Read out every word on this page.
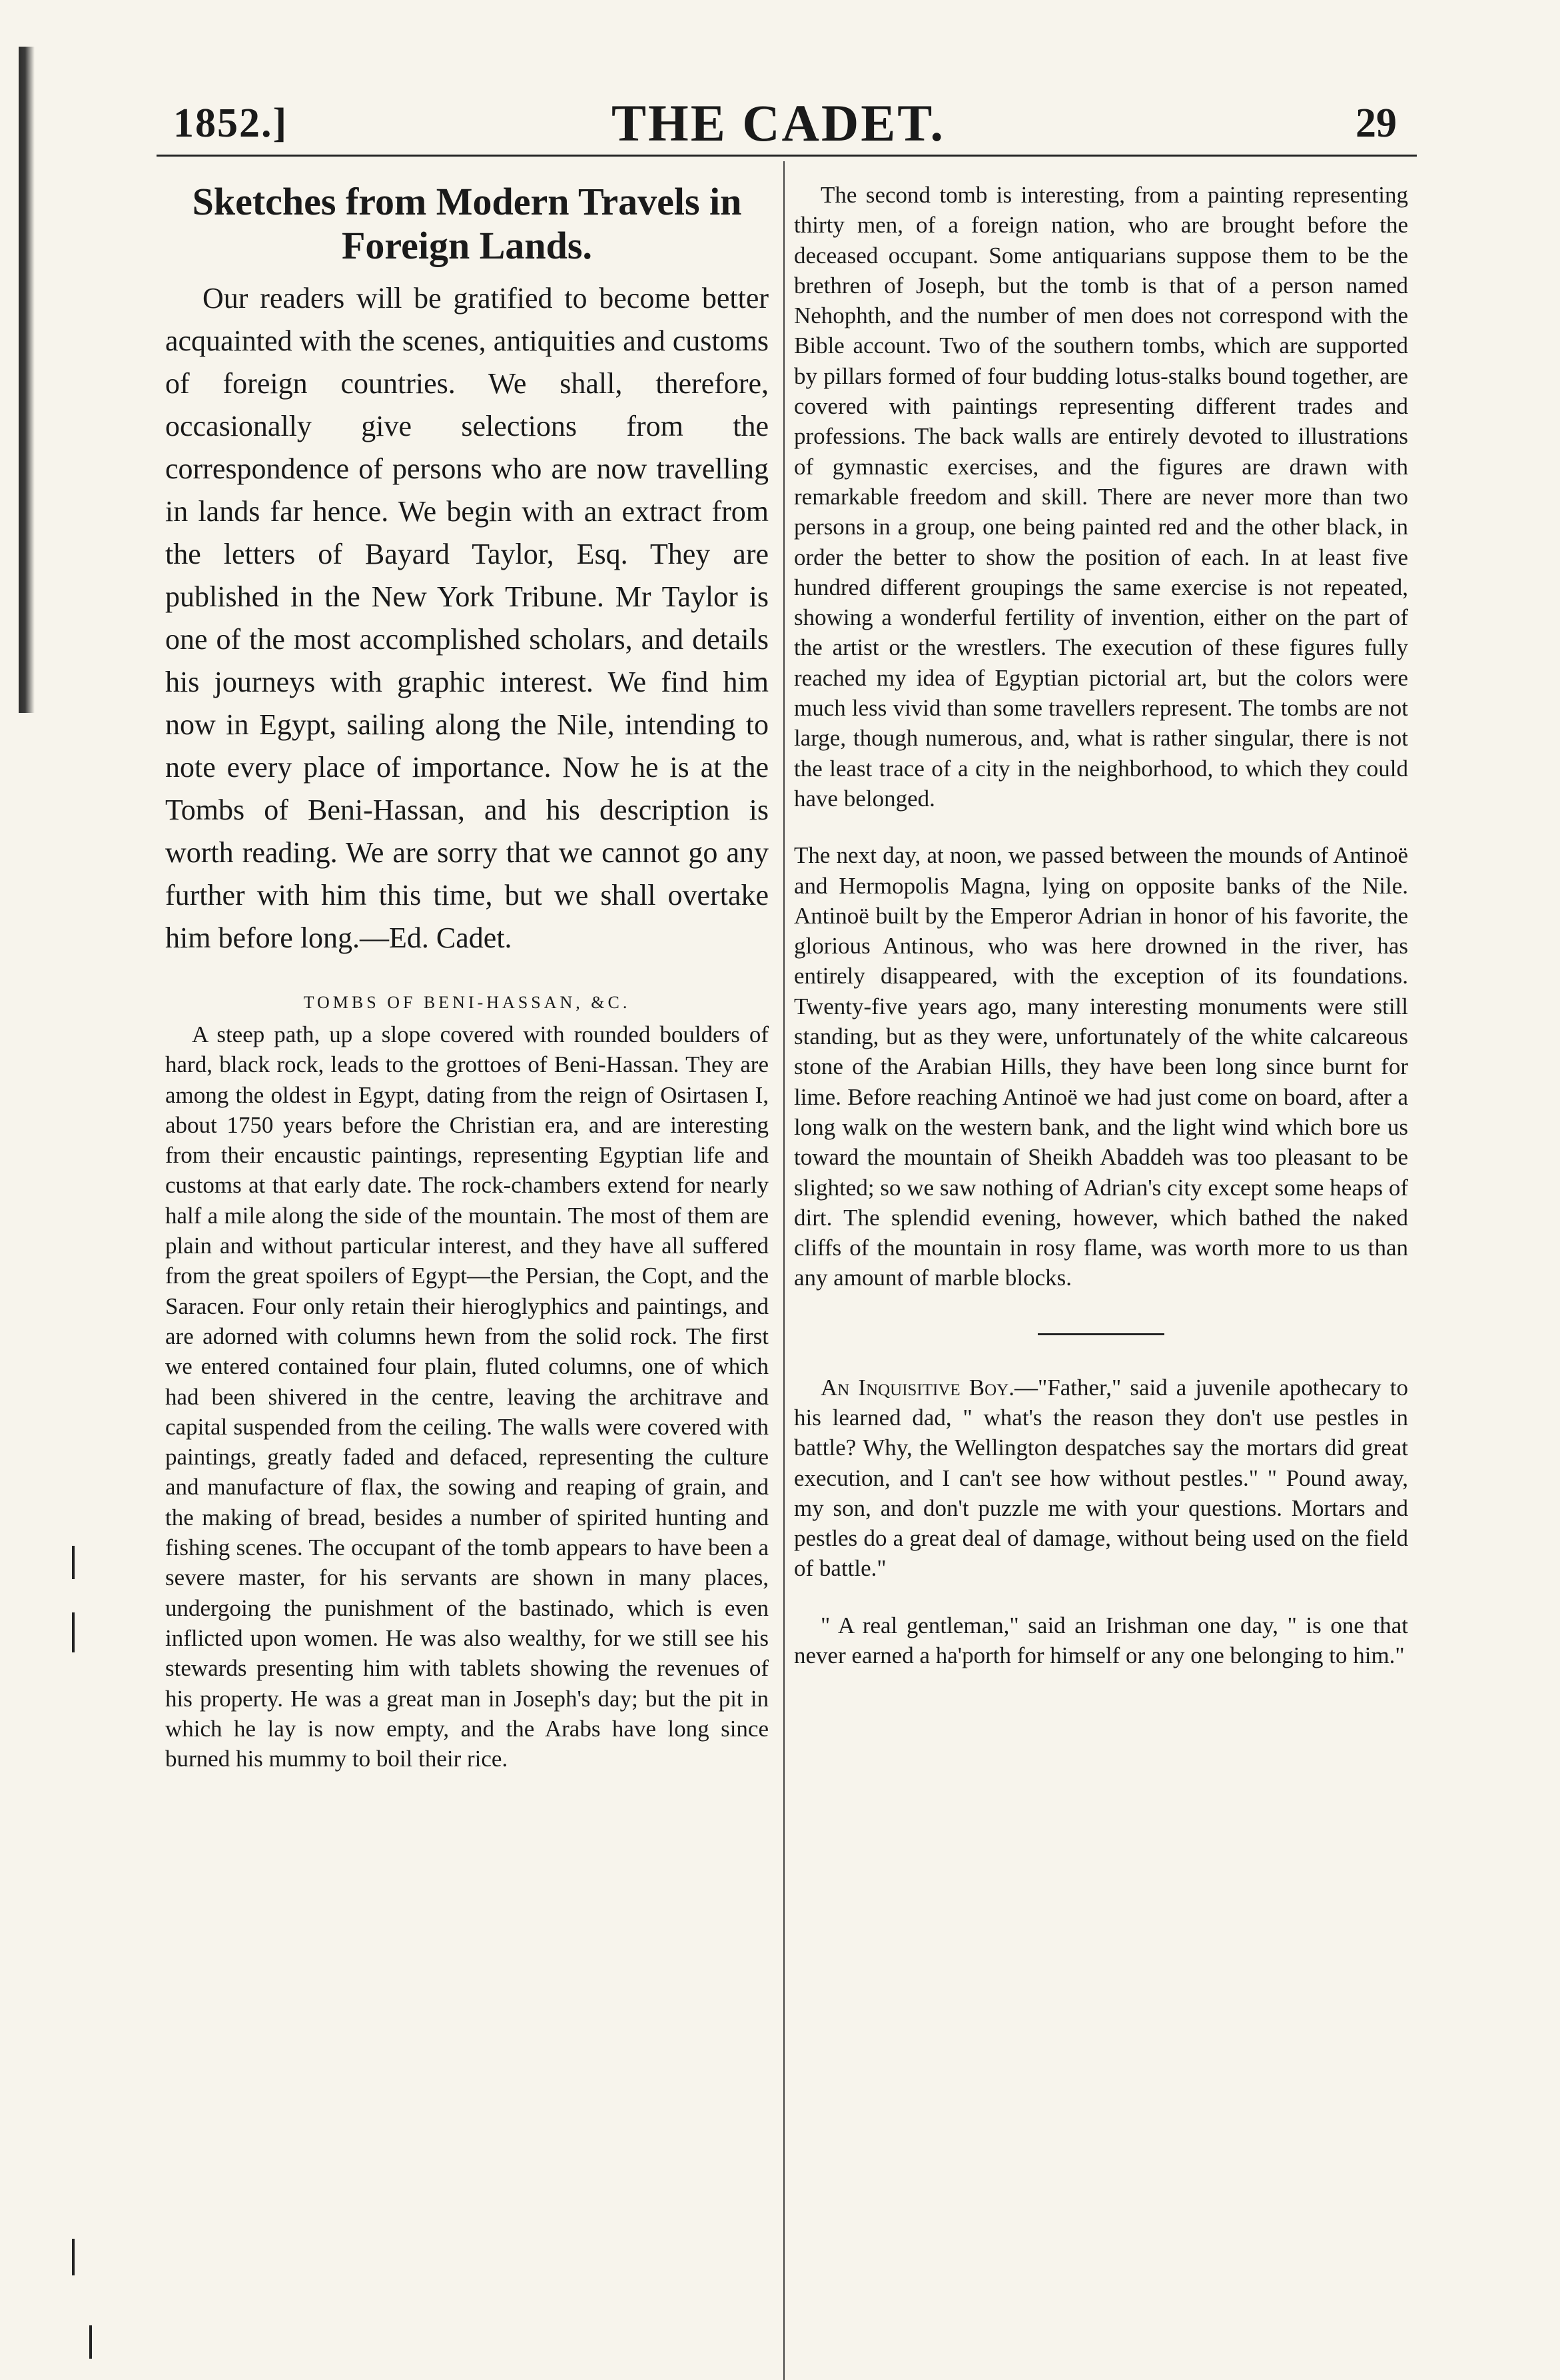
1852.]	THE CADET.	29
Sketches from Modern Travels in Foreign Lands.

Our readers will be gratified to become better acquainted with the scenes, antiquities and customs of foreign countries. We shall, therefore, occasionally give selections from the correspondence of persons who are now travelling in lands far hence. We begin with an extract from the letters of Bayard Taylor, Esq. They are published in the New York Tribune. Mr Taylor is one of the most accomplished scholars, and details his journeys with graphic interest. We find him now in Egypt, sailing along the Nile, intending to note every place of importance. Now he is at the Tombs of Beni-Hassan, and his description is worth reading. We are sorry that we cannot go any further with him this time, but we shall overtake him before long.—Ed. Cadet.

TOMBS OF BENI-HASSAN, &C.

A steep path, up a slope covered with rounded boulders of hard, black rock, leads to the grottoes of Beni-Hassan. They are among the oldest in Egypt, dating from the reign of Osirtasen I, about 1750 years before the Christian era, and are interesting from their encaustic paintings, representing Egyptian life and customs at that early date. The rock-chambers extend for nearly half a mile along the side of the mountain. The most of them are plain and without particular interest, and they have all suffered from the great spoilers of Egypt—the Persian, the Copt, and the Saracen. Four only retain their hieroglyphics and paintings, and are adorned with columns hewn from the solid rock. The first we entered contained four plain, fluted columns, one of which had been shivered in the centre, leaving the architrave and capital suspended from the ceiling. The walls were covered with paintings, greatly faded and defaced, representing the culture and manufacture of flax, the sowing and reaping of grain, and the making of bread, besides a number of spirited hunting and fishing scenes. The occupant of the tomb appears to have been a severe master, for his servants are shown in many places, undergoing the punishment of the bastinado, which is even inflicted upon women. He was also wealthy, for we still see his stewards presenting him with tablets showing the revenues of his property. He was a great man in Joseph's day; but the pit in which he lay is now empty, and the Arabs have long since burned his mummy to boil their rice.

The second tomb is interesting, from a painting representing thirty men, of a foreign nation, who are brought before the deceased occupant. Some antiquarians suppose them to be the brethren of Joseph, but the tomb is that of a person named Nehophth, and the number of men does not correspond with the Bible account. Two of the southern tombs, which are supported by pillars formed of four budding lotus-stalks bound together, are covered with paintings representing different trades and professions. The back walls are entirely devoted to illustrations of gymnastic exercises, and the figures are drawn with remarkable freedom and skill. There are never more than two persons in a group, one being painted red and the other black, in order the better to show the position of each. In at least five hundred different groupings the same exercise is not repeated, showing a wonderful fertility of invention, either on the part of the artist or the wrestlers. The execution of these figures fully reached my idea of Egyptian pictorial art, but the colors were much less vivid than some travellers represent. The tombs are not large, though numerous, and, what is rather singular, there is not the least trace of a city in the neighborhood, to which they could have belonged.

The next day, at noon, we passed between the mounds of Antinoë and Hermopolis Magna, lying on opposite banks of the Nile. Antinoë built by the Emperor Adrian in honor of his favorite, the glorious Antinous, who was here drowned in the river, has entirely disappeared, with the exception of its foundations. Twenty-five years ago, many interesting monuments were still standing, but as they were, unfortunately of the white calcareous stone of the Arabian Hills, they have been long since burnt for lime. Before reaching Antinoë we had just come on board, after a long walk on the western bank, and the light wind which bore us toward the mountain of Sheikh Abaddeh was too pleasant to be slighted; so we saw nothing of Adrian's city except some heaps of dirt. The splendid evening, however, which bathed the naked cliffs of the mountain in rosy flame, was worth more to us than any amount of marble blocks.

An Inquisitive Boy.—"Father," said a juvenile apothecary to his learned dad, " what's the reason they don't use pestles in battle? Why, the Wellington despatches say the mortars did great execution, and I can't see how without pestles." " Pound away, my son, and don't puzzle me with your questions. Mortars and pestles do a great deal of damage, without being used on the field of battle."

" A real gentleman," said an Irishman one day, " is one that never earned a ha'porth for himself or any one belonging to him."
